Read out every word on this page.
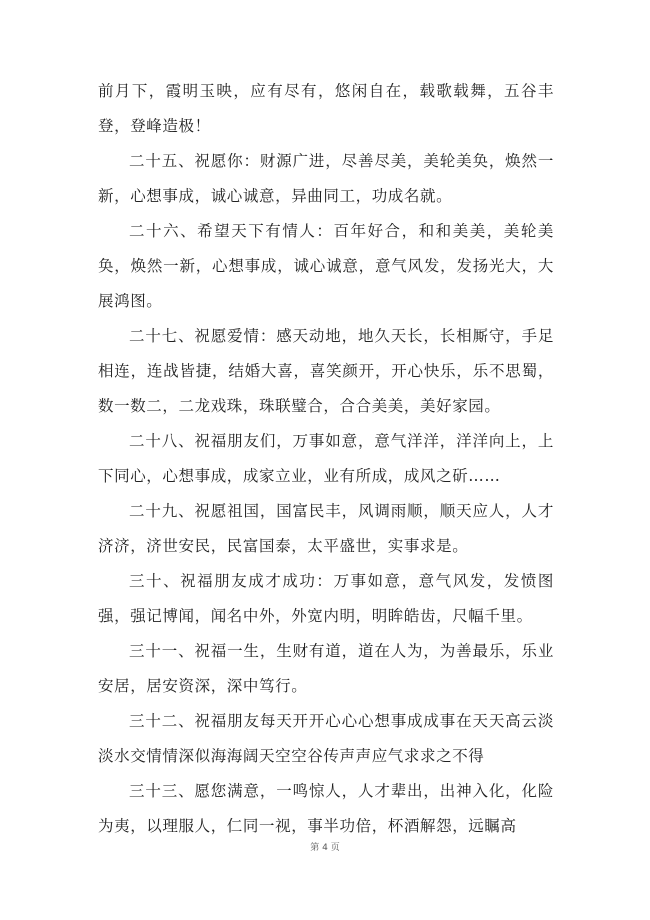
前月下，霞明玉映，应有尽有，悠闲自在，载歌载舞，五谷丰登，登峰造极！

二十五、祝愿你：财源广进，尽善尽美，美轮美奂，焕然一新，心想事成，诚心诚意，异曲同工，功成名就。

二十六、希望天下有情人：百年好合，和和美美，美轮美奂，焕然一新，心想事成，诚心诚意，意气风发，发扬光大，大展鸿图。

二十七、祝愿爱情：感天动地，地久天长，长相厮守，手足相连，连战皆捷，结婚大喜，喜笑颜开，开心快乐，乐不思蜀，数一数二，二龙戏珠，珠联璧合，合合美美，美好家园。

二十八、祝福朋友们，万事如意，意气洋洋，洋洋向上，上下同心，心想事成，成家立业，业有所成，成风之斫……

二十九、祝愿祖国，国富民丰，风调雨顺，顺天应人，人才济济，济世安民，民富国泰，太平盛世，实事求是。

三十、祝福朋友成才成功：万事如意，意气风发，发愤图强，强记博闻，闻名中外，外宽内明，明眸皓齿，尺幅千里。

三十一、祝福一生，生财有道，道在人为，为善最乐，乐业安居，居安资深，深中笃行。

三十二、祝福朋友每天开开心心心想事成成事在天天高云淡淡水交情情深似海海阔天空空谷传声声应气求求之不得

三十三、愿您满意，一鸣惊人，人才辈出，出神入化，化险为夷，以理服人，仁同一视，事半功倍，杯酒解怨，远瞩高

第 4 页
